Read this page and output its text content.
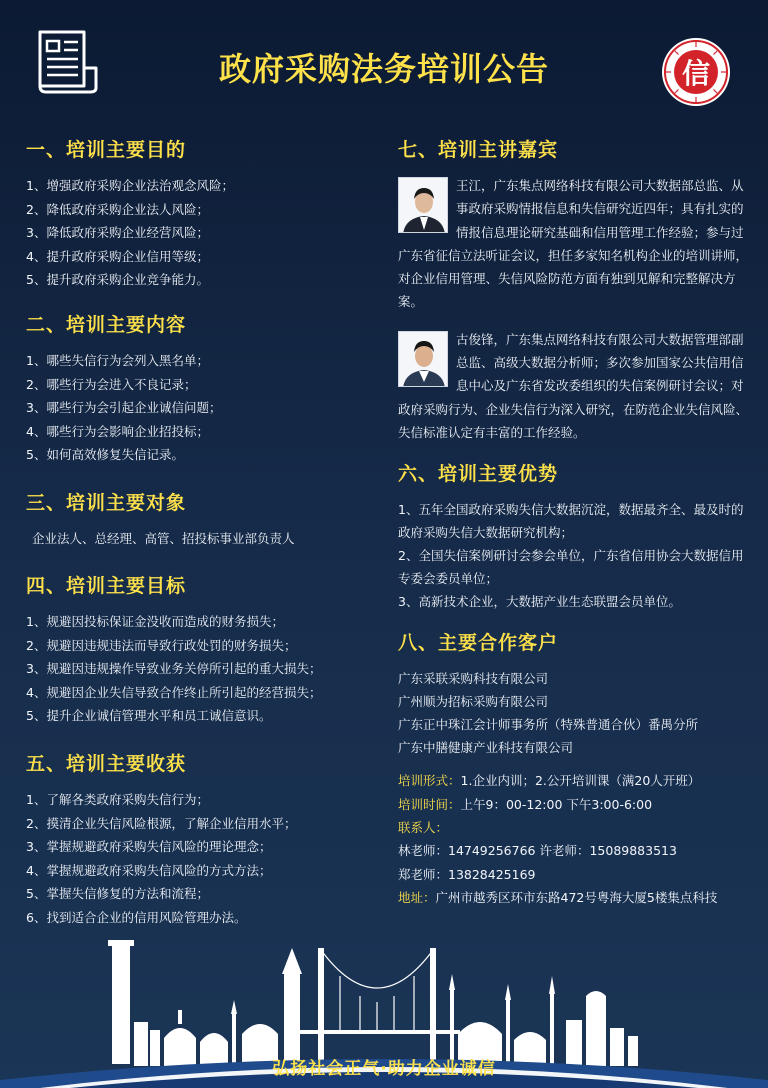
政府采购法务培训公告	信
一、培训主要目的
1、增强政府采购企业法治观念风险；
2、降低政府采购企业法人风险；
3、降低政府采购企业经营风险；
4、提升政府采购企业信用等级；
5、提升政府采购企业竞争能力。
二、培训主要内容
1、哪些失信行为会列入黑名单；
2、哪些行为会进入不良记录；
3、哪些行为会引起企业诚信问题；
4、哪些行为会影响企业招投标；
5、如何高效修复失信记录。
三、培训主要对象
企业法人、总经理、高管、招投标事业部负责人
四、培训主要目标
1、规避因投标保证金没收而造成的财务损失；
2、规避因违规违法而导致行政处罚的财务损失；
3、规避因违规操作导致业务关停所引起的重大损失；
4、规避因企业失信导致合作终止所引起的经营损失；
5、提升企业诚信管理水平和员工诚信意识。
五、培训主要收获
1、了解各类政府采购失信行为；
2、摸清企业失信风险根源，了解企业信用水平；
3、掌握规避政府采购失信风险的理论理念；
4、掌握规避政府采购失信风险的方式方法；
5、掌握失信修复的方法和流程；
6、找到适合企业的信用风险管理办法。
七、培训主讲嘉宾
王江，广东集点网络科技有限公司大数据部总监、从事政府采购情报信息和失信研究近四年；具有扎实的情报信息理论研究基础和信用管理工作经验；参与过广东省征信立法听证会议，担任多家知名机构企业的培训讲师，对企业信用管理、失信风险防范方面有独到见解和完整解决方案。
古俊锋，广东集点网络科技有限公司大数据管理部副总监、高级大数据分析师；多次参加国家公共信用信息中心及广东省发改委组织的失信案例研讨会议；对政府采购行为、企业失信行为深入研究，在防范企业失信风险、失信标准认定有丰富的工作经验。
六、培训主要优势
1、五年全国政府采购失信大数据沉淀，数据最齐全、最及时的政府采购失信大数据研究机构；
2、全国失信案例研讨会参会单位，广东省信用协会大数据信用专委会委员单位；
3、高新技术企业，大数据产业生态联盟会员单位。
八、主要合作客户
广东采联采购科技有限公司
广州顺为招标采购有限公司
广东正中珠江会计师事务所（特殊普通合伙）番禺分所
广东中膳健康产业科技有限公司
培训形式：1.企业内训；2.公开培训课（满20人开班）
培训时间：上午9：00-12:00 下午3:00-6:00
联系人：
林老师：14749256766 许老师：15089883513
郑老师：13828425169
地址：广州市越秀区环市东路472号粤海大厦5楼集点科技
弘扬社会正气·助力企业诚信
